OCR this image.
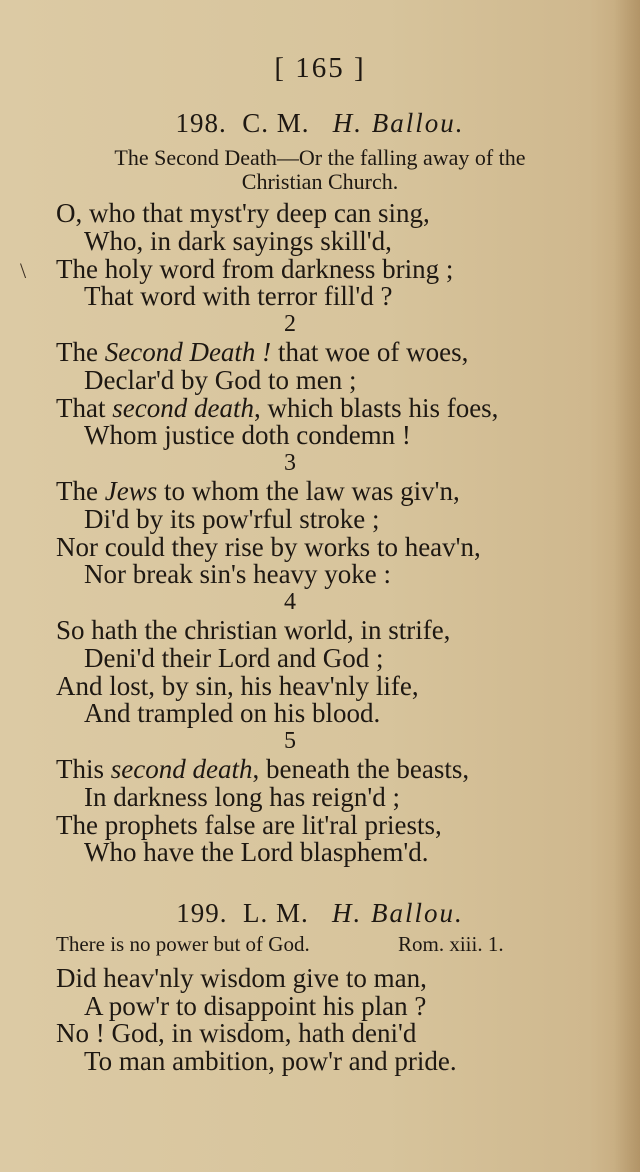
[ 165 ]
198. C. M. H. Ballou.
The Second Death—Or the falling away of the
Christian Church.
O, who that myst'ry deep can sing,
Who, in dark sayings skill'd,
The holy word from darkness bring ;
That word with terror fill'd ?
2
The Second Death ! that woe of woes,
Declar'd by God to men ;
That second death, which blasts his foes,
Whom justice doth condemn !
3
The Jews to whom the law was giv'n,
Di'd by its pow'rful stroke ;
Nor could they rise by works to heav'n,
Nor break sin's heavy yoke :
4
So hath the christian world, in strife,
Deni'd their Lord and God ;
And lost, by sin, his heav'nly life,
And trampled on his blood.
5
This second death, beneath the beasts,
In darkness long has reign'd ;
The prophets false are lit'ral priests,
Who have the Lord blasphem'd.
199. L. M. H. Ballou.
There is no power but of God.	Rom. xiii. 1.
Did heav'nly wisdom give to man,
A pow'r to disappoint his plan ?
No ! God, in wisdom, hath deni'd
To man ambition, pow'r and pride.
\
